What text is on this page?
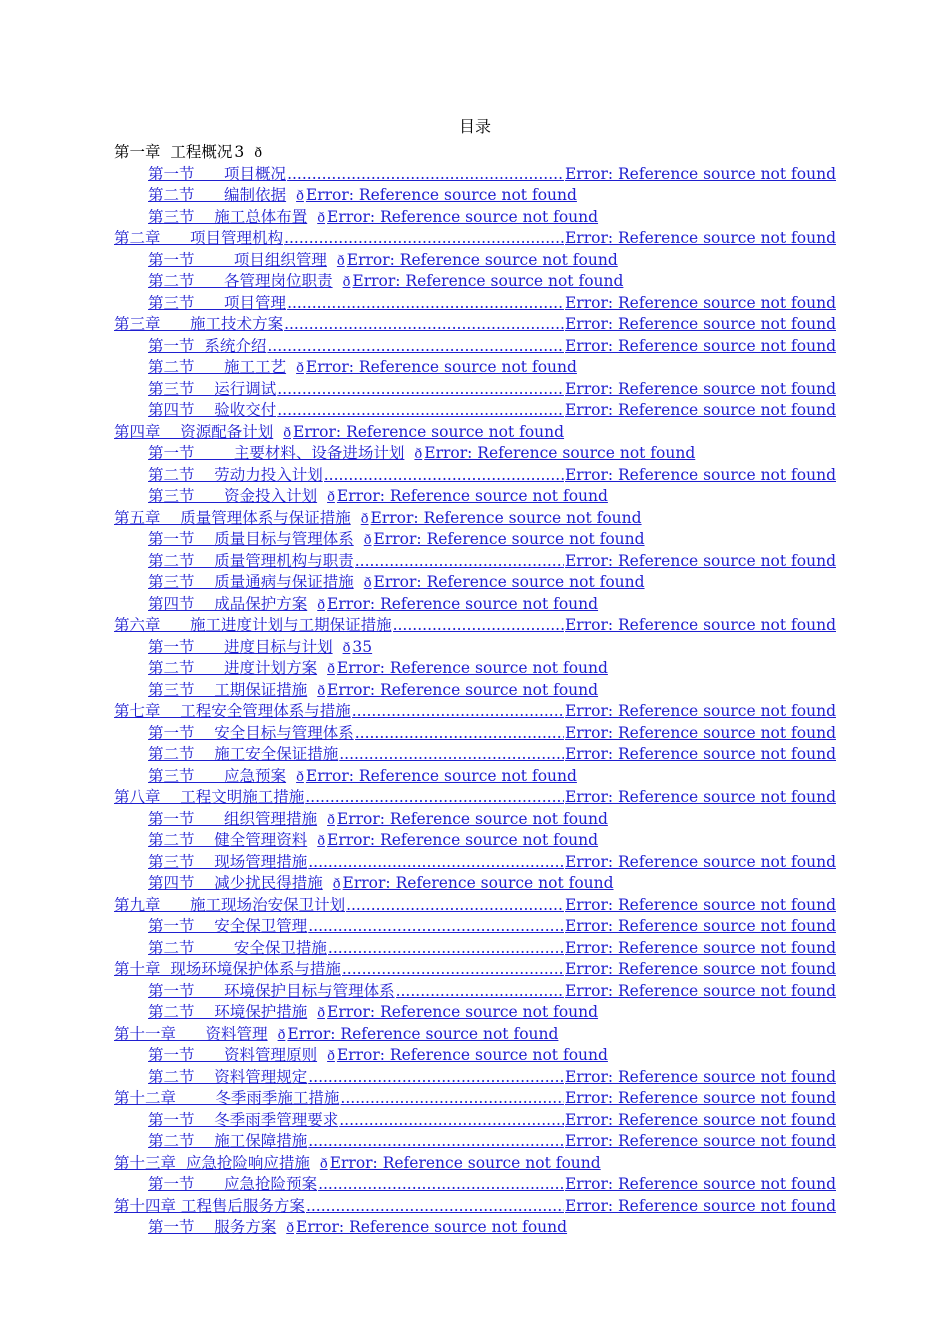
目录
第一章  工程概况 3 ð
第一节      项目概况 .....	Error: Reference source not found
第二节      编制依据 ð Error: Reference source not found
第三节    施工总体布置 ð Error: Reference source not found
第二章      项目管理机构 .....	Error: Reference source not found
第一节        项目组织管理 ð Error: Reference source not found
第二节      各管理岗位职责 ð Error: Reference source not found
第三节      项目管理 .....	Error: Reference source not found
第三章      施工技术方案 .....	Error: Reference source not found
第一节  系统介绍 .....	Error: Reference source not found
第二节      施工工艺 ð Error: Reference source not found
第三节    运行调试 .....	Error: Reference source not found
第四节    验收交付 .....	Error: Reference source not found
第四章    资源配备计划 ð Error: Reference source not found
第一节        主要材料、设备进场计划 ð Error: Reference source not found
第二节    劳动力投入计划 .....	Error: Reference source not found
第三节      资金投入计划 ð Error: Reference source not found
第五章    质量管理体系与保证措施 ð Error: Reference source not found
第一节    质量目标与管理体系 ð Error: Reference source not found
第二节    质量管理机构与职责 .....	Error: Reference source not found
第三节    质量通病与保证措施 ð Error: Reference source not found
第四节    成品保护方案 ð Error: Reference source not found
第六章      施工进度计划与工期保证措施 .....	Error: Reference source not found
第一节      进度目标与计划 ð 35
第二节      进度计划方案 ð Error: Reference source not found
第三节    工期保证措施 ð Error: Reference source not found
第七章    工程安全管理体系与措施 .....	Error: Reference source not found
第一节    安全目标与管理体系 .....	Error: Reference source not found
第二节    施工安全保证措施 .....	Error: Reference source not found
第三节      应急预案 ð Error: Reference source not found
第八章    工程文明施工措施 .....	Error: Reference source not found
第一节      组织管理措施 ð Error: Reference source not found
第二节    健全管理资料 ð Error: Reference source not found
第三节    现场管理措施 .....	Error: Reference source not found
第四节    减少扰民得措施 ð Error: Reference source not found
第九章      施工现场治安保卫计划 .....	Error: Reference source not found
第一节    安全保卫管理 .....	Error: Reference source not found
第二节        安全保卫措施 .....	Error: Reference source not found
第十章  现场环境保护体系与措施 .....	Error: Reference source not found
第一节      环境保护目标与管理体系 .....	Error: Reference source not found
第二节    环境保护措施 ð Error: Reference source not found
第十一章      资料管理 ð Error: Reference source not found
第一节      资料管理原则 ð Error: Reference source not found
第二节    资料管理规定 .....	Error: Reference source not found
第十二章        冬季雨季施工措施 .....	Error: Reference source not found
第一节    冬季雨季管理要求 .....	Error: Reference source not found
第二节    施工保障措施 .....	Error: Reference source not found
第十三章  应急抢险响应措施 ð Error: Reference source not found
第一节      应急抢险预案 .....	Error: Reference source not found
第十四章 工程售后服务方案 .....	Error: Reference source not found
第一节    服务方案 ð Error: Reference source not found
